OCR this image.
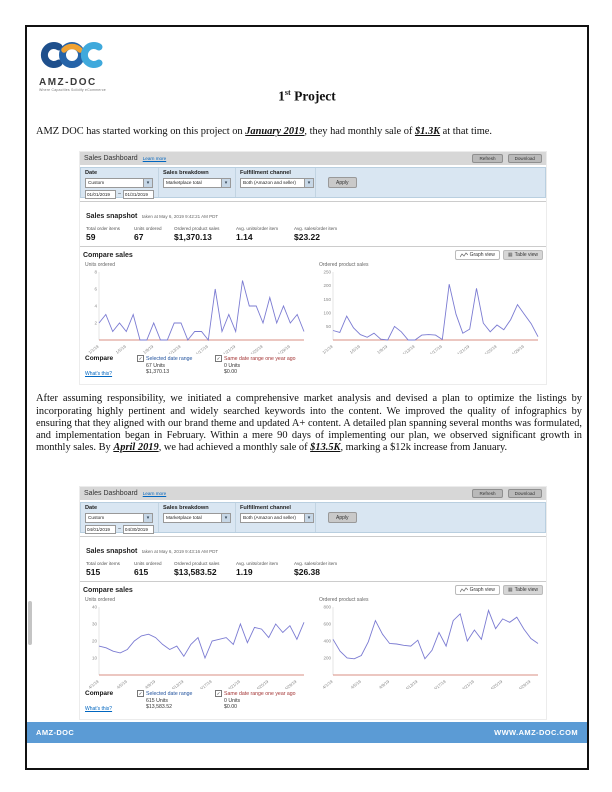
AMZ-DOC
Where Capacities Solidify eCommerce	1st Project

AMZ DOC has started working on this project on January 2019, they had monthly sale of $1.3K at that time.

Sales Dashboard Learn more	Refresh	Download
Date
Custom	▾
01/01/2019	– 01/31/2019
Sales breakdown
Marketplace total	▾
Fulfillment channel
Both (Amazon and seller)	▾	Apply
Sales snapshot taken at May 6, 2019 9:42:21 AM PDT
Total order items
59
Units ordered
67
Ordered product sales
$1,370.13
Avg. units/order item
1.14
Avg. sales/order item
$23.22
Compare sales	Graph view	▦ Table view
Units ordered
2
4
6
8
1/1/19	1/5/19	1/9/19	1/13/19	1/17/19	1/21/19	1/25/19	1/29/19
Ordered product sales
50
100
150
200
250
1/1/19	1/5/19	1/9/19	1/13/19	1/17/19	1/21/19	1/25/19	1/29/19
Compare
What's this?
✓ Selected date range
67 Units
$1,370.13
✓ Same date range one year ago
0 Units
$0.00

After assuming responsibility, we initiated a comprehensive market analysis and devised a plan to optimize the listings by incorporating highly pertinent and widely searched keywords into the content. We improved the quality of infographics by ensuring that they aligned with our brand theme and updated A+ content. A detailed plan spanning several months was formulated, and implementation began in February. Within a mere 90 days of implementing our plan, we observed significant growth in monthly sales. By April 2019, we had achieved a monthly sale of $13.5K, marking a $12k increase from January.

Sales Dashboard Learn more	Refresh	Download
Date
Custom	▾
04/01/2019	– 04/30/2019
Sales breakdown
Marketplace total	▾
Fulfillment channel
Both (Amazon and seller)	▾	Apply
Sales snapshot taken at May 6, 2019 9:43:16 AM PDT
Total order items
515
Units ordered
615
Ordered product sales
$13,583.52
Avg. units/order item
1.19
Avg. sales/order item
$26.38
Compare sales	Graph view	▦ Table view
Units ordered
10
20
30
40
4/1/19	4/5/19	4/9/19	4/13/19	4/17/19	4/21/19	4/25/19	4/29/19
Ordered product sales
200
400
600
800
4/1/19	4/5/19	4/9/19	4/13/19	4/17/19	4/21/19	4/25/19	4/29/19
Compare
What's this?
✓ Selected date range
615 Units
$13,583.52
✓ Same date range one year ago
0 Units
$0.00
AMZ-DOC	WWW.AMZ-DOC.COM
